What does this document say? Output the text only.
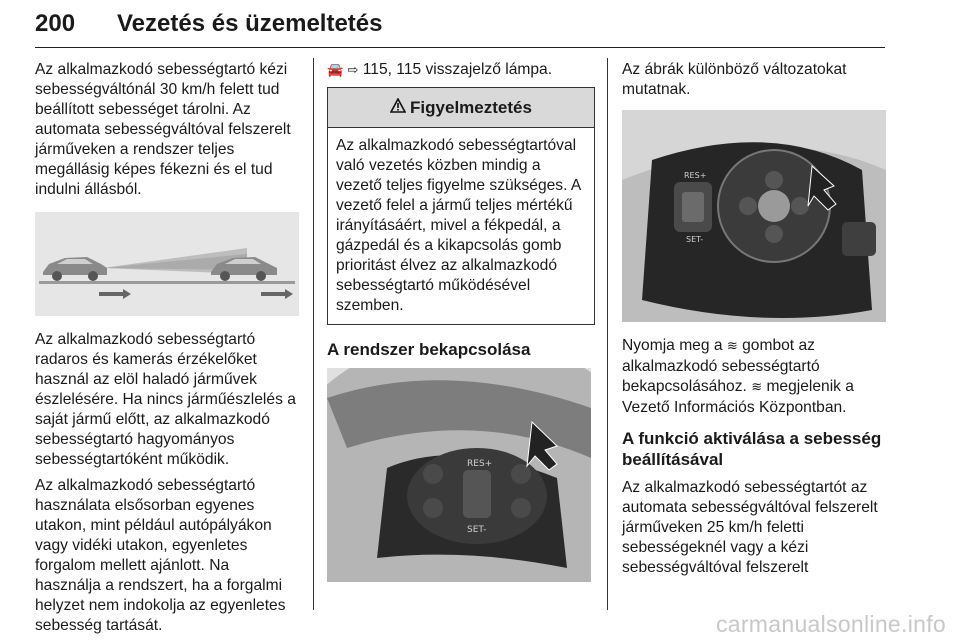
200 Vezetés és üzemeltetés

Az alkalmazkodó sebességtartó kézi sebességváltónál 30 km/h felett tud beállított sebességet tárolni. Az automata sebességváltóval felszerelt járműveken a rendszer teljes megállásig képes fékezni és el tud indulni állásból.

Az alkalmazkodó sebességtartó radaros és kamerás érzékelőket használ az elöl haladó járművek észlelésére. Ha nincs járműészlelés a saját jármű előtt, az alkalmazkodó sebességtartó hagyományos sebességtartóként működik.

Az alkalmazkodó sebességtartó használata elsősorban egyenes utakon, mint például autópályákon vagy vidéki utakon, egyenletes forgalom mellett ajánlott. Na használja a rendszert, ha a forgalmi helyzet nem indokolja az egyenletes sebesség tartását.

🚘 ⇨ 115, 115 visszajelző lámpa.

Figyelmeztetés
Az alkalmazkodó sebességtartóval való vezetés közben mindig a vezető teljes figyelme szükséges. A vezető felel a jármű teljes mértékű irányításáért, mivel a fékpedál, a gázpedál és a kikapcsolás gomb prioritást élvez az alkalmazkodó sebességtartó működésével szemben.
A rendszer bekapcsolása
RES+
SET-

Az ábrák különböző változatokat mutatnak.

RES+
SET-

Nyomja meg a ≋ gombot az alkalmazkodó sebességtartó bekapcsolásához. ≋ megjelenik a Vezető Információs Központban.

A funkció aktiválása a sebesség beállításával

Az alkalmazkodó sebességtartót az automata sebességváltóval felszerelt járműveken 25 km/h feletti sebességeknél vagy a kézi sebességváltóval felszerelt

carmanualsonline.info
